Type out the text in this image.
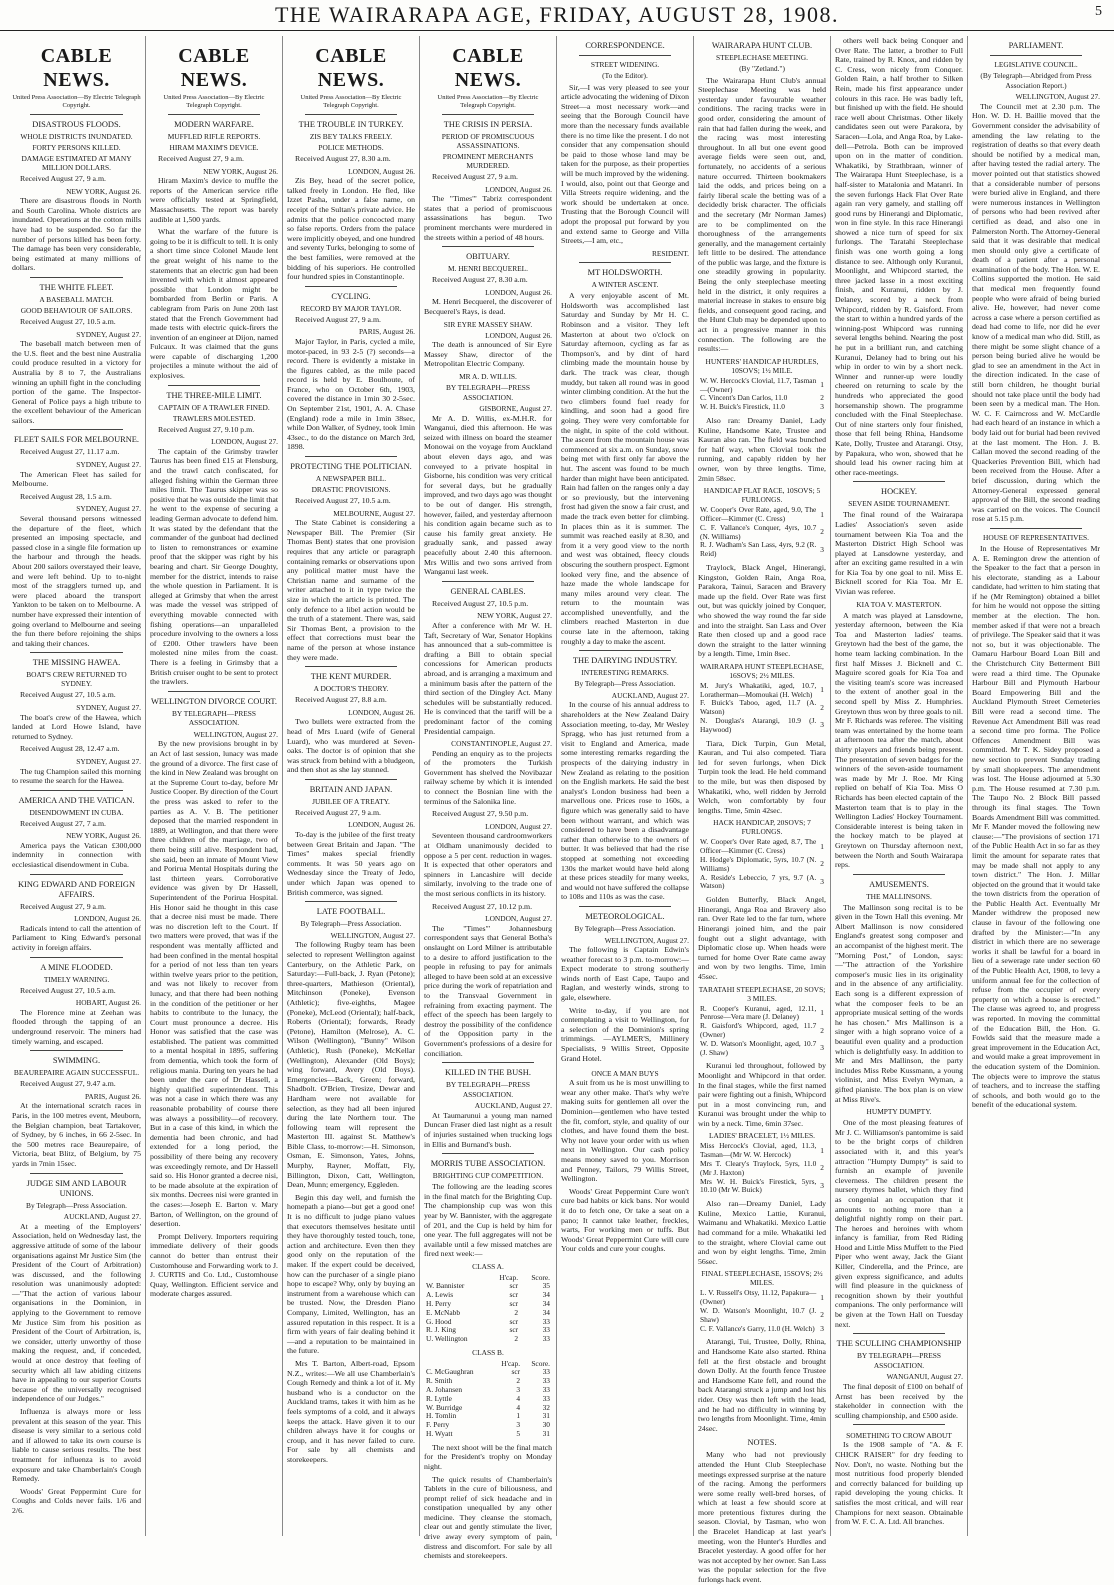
THE WAIRARAPA AGE, FRIDAY, AUGUST 28, 1908.	5
CABLE NEWS.
United Press Association—By Electric Telegraph Copyright.
DISASTROUS FLOODS.
WHOLE DISTRICTS INUNDATED.
FORTY PERSONS KILLED.
DAMAGE ESTIMATED AT MANY MILLION DOLLARS.

Received August 27, 9 a.m.

NEW YORK, August 26.

There are disastrous floods in North and South Carolina. Whole districts are inundated. Operations at the cotton mills have had to be suspended. So far the number of persons killed has been forty. The damage has been very considerable, being estimated at many millions of dollars.

THE WHITE FLEET.
A BASEBALL MATCH.
GOOD BEHAVIOUR OF SAILORS.

Received August 27, 10.5 a.m.

SYDNEY, August 27.

The baseball match between men of the U.S. fleet and the best nine Australia could produce resulted in a victory for Australia by 8 to 7, the Australians winning an uphill fight in the concluding portion of the game. The Inspector-General of Police pays a high tribute to the excellent behaviour of the American sailors.

FLEET SAILS FOR MELBOURNE.

Received August 27, 11.17 a.m.

SYDNEY, August 27.

The American Fleet has sailed for Melbourne.

Received August 28, 1.5 a.m.

SYDNEY, August 27.

Several thousand persons witnessed the departure of the fleet, which presented an imposing spectacle, and passed close in a single file formation up the harbour and through the heads. About 200 sailors overstayed their leave, and were left behind. Up to to-night most of the stragglers turned up, and were placed aboard the transport Yankton to be taken on to Melbourne. A number have expressed their intention of going overland to Melbourne and seeing the fun there before rejoining the ships and taking their chances.

THE MISSING HAWEA.
BOAT'S CREW RETURNED TO SYDNEY.

Received August 27, 10.5 a.m.

SYDNEY, August 27.

The boat's crew of the Hawea, which landed at Lord Howe Island, have returned to Sydney.

Received August 28, 12.47 a.m.

SYDNEY, August 27.

The tug Champion sailed this morning to resume the search for the Hawea.

AMERICA AND THE VATICAN.
DISENDOWMENT IN CUBA.

Received August 27, 7 a.m.

NEW YORK, August 26.

America pays the Vatican £300,000 indemnity in connection with ecclesiastical disendowment in Cuba.

KING EDWARD AND FOREIGN AFFAIRS.

Received August 27, 9 a.m.

LONDON, August 26.

Radicals intend to call the attention of Parliament to King Edward's personal activity in foreign affairs.

A MINE FLOODED.
TIMELY WARNING.

Received August 27, 10.5 a.m.

HOBART, August 26.

The Florence mine at Zeehan was flooded through the tapping of an underground reservoir. The miners had timely warning, and escaped.

SWIMMING.
BEAUREPAIRE AGAIN SUCCESSFUL.

Received August 27, 9.47 a.m.

PARIS, August 26.

At the international scratch races in Paris, in the 100 metres event, Meuborn, the Belgian champion, beat Tartakover, of Sydney, by 6 inches, in 66 2-5sec. In the 500 metres race Beaurepaire, of Victoria, beat Blitz, of Belgium, by 75 yards in 7min 15sec.

JUDGE SIM AND LABOUR UNIONS.
By Telegraph—Press Association.
AUCKLAND, August 27.

At a meeting of the Employers' Association, held on Wednesday last, the aggressive attitude of some of the labour organisations against Mr Justice Sim (the President of the Court of Arbitration) was discussed, and the following resolution was unanimously adopted:—"That the action of various labour organisations in the Dominion, in applying to the Government to remove Mr Justice Sim from his position as President of the Court of Arbitration, is, we consider, utterly unworthy of those making the request, and, if conceded, would at once destroy that feeling of security which all law abiding citizens have in appealing to our superior Courts because of the universally recognised independence of our Judges."

Influenza is always more or less prevalent at this season of the year. This disease is very similar to a serious cold and if allowed to take its own course is liable to cause serious results. The best treatment for influenza is to avoid exposure and take Chamberlain's Cough Remedy.

Woods' Great Peppermint Cure for Coughs and Colds never fails. 1/6 and 2/6.

CABLE NEWS.
United Press Association—By Electric Telegraph Copyright.
MODERN WARFARE.
MUFFLED RIFLE REPORTS.
HIRAM MAXIM'S DEVICE.

Received August 27, 9 a.m.

NEW YORK, August 26.

Hiram Maxim's device to muffle the reports of the American service rifle were officially tested at Springfield, Massachusetts. The report was barely audible at 1,500 yards.

What the warfare of the future is going to be it is difficult to tell. It is only a short time since Colonel Maude lent the great weight of his name to the statements that an electric gun had been invented with which it almost appeared possible that London might be bombarded from Berlin or Paris. A cablegram from Paris on June 20th last stated that the French Government had made tests with electric quick-firers the invention of an engineer at Dijon, named Fulcaux. It was claimed that the guns were capable of discharging 1,200 projectiles a minute without the aid of explosives.

THE THREE-MILE LIMIT.
CAPTAIN OF A TRAWLER FINED.
TRAWLERS MOLESTED.

Received August 27, 9.10 p.m.

LONDON, August 27.

The captain of the Grimsby trawler Taurus has been fined £15 at Flensburg, and the trawl catch confiscated, for alleged fishing within the German three miles limit. The Taurus skipper was so positive that he was outside the limit that he went to the expense of securing a leading German advocate to defend him. It was stated by the defendant that the commander of the gunboat had declined to listen to remonstrances or examine proof that the skipper was right by his bearing and chart. Sir George Doughty, member for the district, intends to raise the whole question in Parliament. It is alleged at Grimsby that when the arrest was made the vessel was stripped of everything movable connected with fishing operations—an unparalleled procedure involving to the owners a loss of £200. Other trawlers have been molested nine miles from the coast. There is a feeling in Grimsby that a British cruiser ought to be sent to protect the trawlers.

WELLINGTON DIVORCE COURT.
BY TELEGRAPH—PRESS ASSOCIATION.
WELLINGTON, August 27.

By the new provisions brought in by an Act of last session, lunacy was made the ground of a divorce. The first case of the kind in New Zealand was brought on at the Supreme Court to-day, before Mr Justice Cooper. By direction of the Court the press was asked to refer to the parties as A. V. B. The petitioner deposed that the married respondent in 1889, at Wellington, and that there were three children of the marriage, two of them being still alive. Respondent had, she said, been an inmate of Mount View and Porirua Mental Hospitals during the last thirteen years. Corroborative evidence was given by Dr Hassell, Superintendent of the Porirua Hospital. His Honor said he thought in this case that a decree nisi must be made. There was no discretion left to the Court. If two matters were proved, that was if the respondent was mentally afflicted and had been confined in the mental hospital for a period of not less than ten years within twelve years prior to the petition, and was not likely to recover from lunacy, and that there had been nothing in the condition of the petitioner or her habits to contribute to the lunacy, the Court must pronounce a decree. His Honor was satisfied that the case was established. The patient was committed to a mental hospital in 1895, suffering from dementia, which took the form of religious mania. During ten years he had been under the care of Dr Hassell, a highly qualified superintendent. This was not a case in which there was any reasonable probability of course there was always a possibility—of recovery. But in a case of this kind, in which the dementia had been chronic, and had extended for a long period, the possibility of there being any recovery was exceedingly remote, and Dr Hassell said so. His Honor granted a decree nisi, to be made absolute at the expiration of six months. Decrees nisi were granted in the cases:—Joseph E. Barton v. Mary Barton, of Wellington, on the ground of desertion.

Prompt Delivery. Importers requiring immediate delivery of their goods cannot do better than entrust their Customhouse and Forwarding work to J. J. CURTIS and Co. Ltd., Customhouse Quay, Wellington. Efficient service and moderate charges assured.

CABLE NEWS.
United Press Association—By Electric Telegraph Copyright.
THE TROUBLE IN TURKEY.
ZIS BEY TALKS FREELY.
POLICE METHODS.

Received August 27, 8.30 a.m.

LONDON, August 26.

Zis Bey, head of the secret police, talked freely in London. He fled, like Izzet Pasha, under a false name, on receipt of the Sultan's private advice. He admits that the police concocted many so false reports. Orders from the palace were implicitly obeyed, and one hundred and seventy Turks, belonging to some of the best families, were removed at the bidding of his superiors. He controlled four hundred spies in Constantinople.

CYCLING.
RECORD BY MAJOR TAYLOR.

Received August 27, 9 a.m.

PARIS, August 26.

Major Taylor, in Paris, cycled a mile, motor-paced, in 93 2-5 (?) seconds—a record. There is evidently a mistake in the figures cabled, as the mile paced record is held by E. Boulhoute, of France, who on October 6th, 1903, covered the distance in 1min 30 2-5sec. On September 21st, 1901, A. A. Chase (England) rode a mile in 1min 38sec, while Don Walker, of Sydney, took 1min 43sec., to do the distance on March 3rd, 1898.

PROTECTING THE POLITICIAN.
A NEWSPAPER BILL.
DRASTIC PROVISIONS.

Received August 27, 10.5 a.m.

MELBOURNE, August 27.

The State Cabinet is considering a Newspaper Bill. The Premier (Sir Thomas Bent) states that one provision requires that any article or paragraph containing remarks or observations upon any political matter must have the Christian name and surname of the writer attached to it in type twice the size in which the article is printed. The only defence to a libel action would be the truth of a statement. There was, said Sir Thomas Bent, a provision to the effect that corrections must bear the name of the person at whose instance they were made.

THE KENT MURDER.
A DOCTOR'S THEORY.

Received August 27, 8.8 a.m.

LONDON, August 26.

Two bullets were extracted from the head of Mrs Luard (wife of General Luard), who was murdered at Seven-oaks. The doctor is of opinion that she was struck from behind with a bludgeon, and then shot as she lay stunned.

BRITAIN AND JAPAN.
JUBILEE OF A TREATY.

Received August 27, 9 a.m.

LONDON, August 26.

To-day is the jubilee of the first treaty between Great Britain and Japan. "The Times" makes special friendly comments. It was 50 years ago on Wednesday since the Treaty of Jedo, under which Japan was opened to British commerce, was signed.

LATE FOOTBALL.
By Telegraph—Press Association.
WELLINGTON, August 27.

The following Rugby team has been selected to represent Wellington against Canterbury, on the Athletic Park, on Saturday:—Full-back, J. Ryan (Petone); three-quarters, Mathieson (Oriental), Mitchinson (Poneke), Evenson (Athletic); five-eighths, Magee (Poneke), McLeod (Oriental); half-back, Roberts (Oriental); forwards, Ready (Petone), Hamilton (Melrose), A. C. Wilson (Wellington), "Bunny" Wilson (Athletic), Rush (Poneke), McKellar (Wellington), Alexander (Old Boys); wing forward, Avery (Old Boys). Emergencies—Back, Green; forward, Shadbolt. O'Brien, Tresize, Dewar and Hardham were not available for selection, as they had all been injured during the late Northern tour. The following team will represent the Masterton III. against St. Matthew's Bible Class, to-morrow:—H. Simonson, Osman, E. Simonson, Yates, Johns, Murphy, Rayner, Moffatt, Fly, Billington, Dixon, Catt, Wellington, Dean, Munn; emergency, Eggleden.

Begin this day well, and furnish the homepath a piano—but get a good one! It is no difficult to judge piano values that executors themselves hesitate until they have thoroughly tested touch, tone, action and architecture. Even then they good only on the reputation of the maker. If the expert could be deceived, how can the purchaser of a single piano hope to escape? Why, only by buying an instrument from a warehouse which can be trusted. Now, the Dresden Piano Company, Limited, Wellington, has an assured reputation in this respect. It is a firm with years of fair dealing behind it—and a reputation to be maintained in the future.

Mrs T. Barton, Albert-road, Epsom N.Z., writes:—We all use Chamberlain's Cough Remedy and think a lot of it. My husband who is a conductor on the Auckland trams, takes it with him as he feels symptoms of a cold, and it always keeps the attack. Have given it to our children always have it for coughs or croup, and it has never failed to cure. For sale by all chemists and storekeepers.

CABLE NEWS.
United Press Association—By Electric Telegraph Copyright.
THE CRISIS IN PERSIA.
PERIOD OF PROMISCUOUS ASSASSINATIONS.
PROMINENT MERCHANTS MURDERED.

Received August 27, 9 a.m.

LONDON, August 26.

The "Times'" Tabriz correspondent states that a period of promiscuous assassinations has begun. Two prominent merchants were murdered in the streets within a period of 48 hours.

OBITUARY.
M. HENRI BECQUEREL.

Received August 27, 8.30 a.m.

LONDON, August 26.

M. Henri Becquerel, the discoverer of Becquerel's Rays, is dead.

SIR EYRE MASSEY SHAW.
LONDON, August 26.

The death is announced of Sir Eyre Massey Shaw, director of the Metropolitan Electric Company.

MR A. D. WILLIS.
BY TELEGRAPH—PRESS ASSOCIATION.
GISBORNE, August 27.

Mr A. D. Willis, ex-M.H.R. for Wanganui, died this afternoon. He was seized with illness on board the steamer Monowai on the voyage from Auckland about eleven days ago, and was conveyed to a private hospital in Gisborne, his condition was very critical for several days, but he gradually improved, and two days ago was thought to be out of danger. His strength, however, failed, and yesterday afternoon his condition again became such as to cause his family great anxiety. He gradually sank, and passed away peacefully about 2.40 this afternoon. Mrs Willis and two sons arrived from Wanganui last week.

GENERAL CABLES.

Received August 27, 10.5 p.m.

NEW YORK, August 27.

After a conference with Mr W. H. Taft, Secretary of War, Senator Hopkins has announced that a sub-committee is drafting a Bill to obtain special concessions for American products abroad, and is arranging a maximum and a minimum basis after the pattern of the third section of the Dingley Act. Many schedules will be substantially reduced. He is convinced that the tariff will be a predominant factor of the coming Presidential campaign.

CONSTANTINOPLE, August 27.

Pending an enquiry as to the projects of the promoters the Turkish Government has shelved the Novibazar railway scheme by which it is intended to connect the Bosnian line with the terminus of the Salonika line.

Received August 27, 9.50 p.m.

LONDON, August 27.

Seventeen thousand cardroomworkers at Oldham unanimously decided to oppose a 5 per cent. reduction in wages. It is expected that other operators and spinners in Lancashire will decide similarly, involving to the trade one of the most serious conflicts in its history.

Received August 27, 10.12 p.m.

LONDON, August 27.

The "Times'" Johannesburg correspondent says that General Botha's onslaught on Lord Milner is attributable to a desire to afford justification to the people in refusing to pay for animals alleged to have been sold at an excessive price during the work of repatriation and to the Transvaal Government in refraining from exacting payment. The effect of the speech has been largely to destroy the possibility of the confidence of the Opposition party in the Government's professions of a desire for conciliation.

KILLED IN THE BUSH.
BY TELEGRAPH—PRESS ASSOCIATION.
AUCKLAND, August 27.

At Taumarunui a young man named Duncan Fraser died last night as a result of injuries sustained when trucking logs in Ellis and Burnand's bush.

MORRIS TUBE ASSOCIATION.
BRIGHTING CUP COMPETITION.

The following are the leading scores in the final match for the Brighting Cup. The championship cup was won this year by W. Bannister, with the aggregate of 201, and the Cup is held by him for one year. The full aggregates will not be available until a few missed matches are fired next week:—

CLASS A.
	H'cap.	Score.
W. Bannister	scr	35
A. Lewis	scr	34
H. Perry	scr	34
E. McNabb	2	34
G. Hood	scr	33
R. J. King	scr	33
U. Wellington	2	33
CLASS B.
	H'cap.	Score.
C. McGaughran	scr	33
R. Smith	2	33
A. Johansen	3	33
R. Lyttle	4	33
W. Burridge	4	32
H. Tomlin	1	31
F. Perry	3	30
H. Wyatt	5	31

The next shoot will be the final match for the President's trophy on Monday night.

The quick results of Chamberlain's Tablets in the cure of biliousness, and prompt relief of sick headache and in constipation unequalled by any other medicine. They cleanse the stomach, clear out and gently stimulate the liver, drive away every symptom of pain, distress and discomfort. For sale by all chemists and storekeepers.

CORRESPONDENCE.
STREET WIDENING.
(To the Editor).

Sir,—I was very pleased to see your article advocating the widening of Dixon Street—a most necessary work—and seeing that the Borough Council have more than the necessary funds available there is no time like the present. I do not consider that any compensation should be paid to those whose land may be taken for the purpose, as their properties will be much improved by the widening. I would, also, point out that George and Villa Streets require widening, and the work should be undertaken at once. Trusting that the Borough Council will adopt the proposal put forward by you and extend same to George and Villa Streets,—I am, etc.,

RESIDENT.
MT HOLDSWORTH.
A WINTER ASCENT.

A very enjoyable ascent of Mt. Holdsworth was accomplished last Saturday and Sunday by Mr H. C. Robinson and a visitor. They left Masterton at about two o'clock on Saturday afternoon, cycling as far as Thompson's, and by dint of hard climbing made the mountain house by dark. The track was clear, though muddy, but taken all round was in good winter climbing condition. At the hut the two climbers found fuel ready for kindling, and soon had a good fire going. They were very comfortable for the night, in spite of the cold without. The ascent from the mountain house was commenced at six a.m. on Sunday, snow being met with first only far above the hut. The ascent was found to be much harder than might have been anticipated. Rain had fallen on the ranges only a day or so previously, but the intervening frost had given the snow a fair crust, and made the track even better for climbing. In places thin as it is summer. The summit was reached easily at 8.30, and from it a very good view to the north and west was obtained, fleecy clouds obscuring the southern prospect. Egmont looked very fine, and the absence of haze made the whole landscape for many miles around very clear. The return to the mountain was accomplished uneventfully, and the climbers reached Masterton in due course late in the afternoon, taking roughly a day to make the ascent.

THE DAIRYING INDUSTRY.
INTERESTING REMARKS.
By Telegraph—Press Association.
AUCKLAND, August 27.

In the course of his annual address to shareholders at the New Zealand Dairy Association meeting, to-day, Mr Wesley Spragg, who has just returned from a visit to England and America, made some interesting remarks regarding the prospects of the dairying industry in New Zealand as relating to the position on the English markets. He said the best analyst's London business had been a marvellous one. Prices rose to 160s, a figure which was generally said to have been without warrant, and which was considered to have been a disadvantage rather than otherwise to the owners of butter. It was believed that had the rise stopped at something not exceeding 130s the market would have held along at these prices steadily for many weeks, and would not have suffered the collapse to 108s and 110s as was the case.

METEOROLOGICAL.
By Telegraph—Press Association.
WELLINGTON, August 27.

The following is Captain Edwin's weather forecast to 3 p.m. to-morrow:—Expect moderate to strong southerly winds north of East Cape, Taupo and Raglan, and westerly winds, strong to gale, elsewhere.

Write to-day, if you are not contemplating a visit to Wellington, for a selection of the Dominion's spring trimmings. —AYLMER'S, Millinery Specialists, 9 Willis Street, Opposite Grand Hotel.

ONCE A MAN BUYS

A suit from us he is most unwilling to wear any other make. That's why we're making suits for gentlemen all over the Dominion—gentlemen who have tested the fit, comfort, style, and quality of our clothes, and have found them the best. Why not leave your order with us when next in Wellington. Our cash policy means money saved to you. Morrison and Penney, Tailors, 79 Willis Street, Wellington.

Woods' Great Peppermint Cure won't cure bad habits or kick bans. Nor would it do to fetch one, Or take a seat on a pano; It cannot take leather, freckles, warts, For working men or tuffs. But Woods' Great Peppermint Cure will cure Your colds and cure your coughs.

WAIRARAPA HUNT CLUB.
STEEPLECHASE MEETING.
(By "Zetland.")

The Wairarapa Hunt Club's annual Steeplechase Meeting was held yesterday under favourable weather conditions. The racing tracks were in good order, considering the amount of rain that had fallen during the week, and the racing was most interesting throughout. In all but one event good average fields were seen out, and, fortunately, no accidents of a serious nature occurred. Thirteen bookmakers laid the odds, and prices being on a fairly liberal scale the betting was of a decidedly brisk character. The officials and the secretary (Mr Norman James) are to be complimented on the thoroughness of the arrangements generally, and the management certainly left little to be desired. The attendance of the public was large, and the fixture is one steadily growing in popularity. Being the only steeplechase meeting held in the district, it only requires a material increase in stakes to ensure big fields, and consequent good racing, and the Hunt Club may be depended upon to act in a progressive manner in this connection. The following are the results:—

HUNTERS' HANDICAP HURDLES, 10SOVS; 1½ MILE.
W. W. Hercock's Clovial, 11.7, Tasman—(Owner)	1
C. Vincent's Dan Carlos, 11.0	2
W. H. Buick's Firestick, 11.0	3

Also ran: Dreamy Daniel, Lady Kuline, Handsome Kate, Trustee and Kauran also ran. The field was bunched for half way, when Clovial took the running, and capably ridden by her owner, won by three lengths. Time, 2min 58sec.

HANDICAP FLAT RACE, 10SOVS; 5 FURLONGS.
W. Cooper's Over Rate, aged, 9.0, The Officer—Kimmer (C. Cress)	1
C. F. Vallance's Conquer, 4yrs, 10.7 (N. Williams)	2
R. J. Wadham's San Lass, 4yrs, 9.2 (R. Reid)	3

Traylock, Black Angel, Hinerangi, Kingston, Golden Rain, Anga Roa, Parakora, Tainui, Saracen and Bravery made up the field. Over Rate was first out, but was quickly joined by Conquer, who showed the way round the far side and into the straight. San Lass and Over Rate then closed up and a good race down the straight to the latter winning by a length. Time, 1min 8sec.

WAIRARAPA HUNT STEEPLECHASE, 16SOVS; 2½ MILES.
M. Jury's Whakatiki, aged, 10.7, Loratherman—Momoukai (H. Welch)	1
F. Buick's Taboo, aged, 11.7 (A. Watson)	2
N. Douglas's Atarangi, 10.9 (J. Haywood)	3

Tiara, Dick Turpin, Gun Metal, Kauran, and Tui also competed. Tiara led for seven furlongs, when Dick Turpin took the lead. He held command to the mile, but was then disposed by Whakatiki, who, well ridden by Jerrold Welch, won comfortably by four lengths. Time, 5min 42sec.

HACK HANDICAP, 20SOVS; 7 FURLONGS.
W. Cooper's Over Rate aged, 8.7, The Officer—Kimmer (C. Cress)	1
H. Hodge's Diplomatic, 5yrs, 10.7 (N. Williams)	2
A. Reside's Lebeccio, 7 yrs, 9.7 (A. Watson)	3

Golden Butterfly, Black Angel, Hinerangi, Anga Roa and Bravery also ran. Over Rate led to the far turn, where Hinerangi joined him, and the pair fought out a slight advantage, with Diplomatic close up. When heads were turned for home Over Rate came away and won by two lengths. Time, 1min 45sec.

TARATAHI STEEPLECHASE, 20 SOVS; 3 MILES.
R. Cooper's Kuranui, aged, 12.11, Penrose—Vera mare (J. Delaney)	1
R. Gaisford's Whipcord, aged, 11.7 (Owner)	2
W. D. Watson's Moonlight, aged, 10.7 (J. Shaw)	3

Kuranui led throughout, followed by Moonlight and Whipcord in that order. In the final stages, while the first named pair were fighting out a finish, Whipcord put in a most convincing run, and Kuranui was brought under the whip to win by a neck. Time, 6min 37sec.

LADIES' BRACELET, 1½ MILES.
Miss Hercock's Clovial, aged, 11.3, Tasman—(Mr W. W. Hercock)	1
Mrs T. Cleary's Traylock, 5yrs, 11.0 (Mr J. Haxton)	2
Mrs W. H. Buick's Firestick, 5yrs, 10.10 (Mr W. Buick)	3

Also ran—Dreamy Daniel, Lady Kuline, Mexico Lattie, Kuranui, Waimanu and Whakatiki. Mexico Lattie had command for a mile. Whakatiki led to the straight, where Clovial came out and won by eight lengths. Time, 2min 56sec.

FINAL STEEPLECHASE, 15SOVS; 2½ MILES.
L. V. Russell's Otsy, 11.12, Papakura—(Owner)	1
W. D. Watson's Moonlight, 10.7 (J. Shaw)	2
C. F. Vallance's Garry, 11.0 (H. Welch)	3

Atarangi, Tui, Trustee, Dolly, Rhina, and Handsome Kate also started. Rhina fell at the first obstacle and brought down Dolly. At the fourth fence Trustee and Handsome Kate fell, and round the back Atarangi struck a jump and lost his rider. Otsy was then left with the lead, and he had no difficulty in winning by two lengths from Moonlight. Time, 4min 24sec.

NOTES.

Many who had not previously attended the Hunt Club Steeplechase meetings expressed surprise at the nature of the racing. Among the performers were some really well-bred horses, of which at least a few should score at more pretentious fixtures during the season. Clovial, by Tasman, who won the Bracelet Handicap at last year's meeting, won the Hunter's Hurdles and Bracelet yesterday. A good offer for her was not accepted by her owner. San Lass was the popular selection for the five furlongs hack event.

others well back being Conquer and Over Rate. The latter, a brother to Full Rate, trained by R. Knox, and ridden by C. Cress, won nicely from Conquer. Golden Rain, a half brother to Silken Rein, made his first appearance under colours in this race. He was badly left, but finished up with the field. He should race well about Christmas. Other likely candidates seen out were Parakora, by Saracen—Lola, and Anga Roa, by Lake-dell—Petrola. Both can be improved upon on in the matter of condition. Whakatiki, by Strathbraan, winner of The Wairarapa Hunt Steeplechase, is a half-sister to Matalonia and Matanri. In the seven furlongs Hack Flat Over Rate again ran very gamely, and stalling off good runs by Hinerangi and Diplomatic, won in fine style. In this race Hinerangi showed a nice turn of speed for six furlongs. The Taratahi Steeplechase finish was one worth going a long distance to see. Although only Kuranui, Moonlight, and Whipcord started, the three jacked lasse in a most exciting finish, and Kuranui, ridden by J. Delaney, scored by a neck from Whipcord, ridden by R. Gaisford. From the start to within a hundred yards of the winning-post Whipcord was running several lengths behind. Nearing the post he put in a brilliant run, and catching Kuranui, Delaney had to bring out his whip in order to win by a short neck. Winner and runner-up were loudly cheered on returning to scale by the hundreds who appreciated the good horsemanship shown. The programme concluded with the Final Steeplechase. Out of nine starters only four finished, those that fell being Rhina, Handsome Kate, Dolly, Trustee and Atarangi. Otsy, by Papakura, who won, showed that he should lead his owner racing him at other race-meetings.

HOCKEY.
SEVEN ASIDE TOURNAMENT.

The final round of the Wairarapa Ladies' Association's seven aside tournament between Kia Toa and the Masterton District High School was played at Lansdowne yesterday, and after an exciting game resulted in a win for Kia Toa by one goal to nil. Miss E. Bicknell scored for Kia Toa. Mr E. Vivian was referee.

KIA TOA V. MASTERTON.

A match was played at Lansdowne, yesterday afternoon, between the Kia Toa and Masterton ladies' teams. Greytown had the best of the game, the home team lacking combination. In the first half Misses J. Bicknell and C. Maguire scored goals for Kia Toa and the visiting team's score was increased to the extent of another goal in the second spell by Miss Z. Humphries. Greytown thus won by three goals to nil. Mr F. Richards was referee. The visiting team was entertained by the home team at afternoon tea after the match, about thirty players and friends being present. The presentation of seven badges for the winners of the seven-aside tournament was made by Mr J. Roe. Mr King replied on behalf of Kia Toa. Miss O Richards has been elected captain of the Masterton team that is to play in the Wellington Ladies' Hockey Tournament. Considerable interest is being taken in the hockey match to be played at Greytown on Thursday afternoon next, between the North and South Wairarapa reps.

AMUSEMENTS.
THE MALLINSONS.

The Mallinson song recital is to be given in the Town Hall this evening. Mr Albert Mallinson is now considered England's greatest song composer and an accompanist of the highest merit. The "Morning Post," of London, says:—"The attraction of the Yorkshire composer's music lies in its originality and in the absence of any artificiality. Each song is a different expression of what the composer feels to be an appropriate musical setting of the words he has chosen." Mrs Mallinson is a singer with a high soprano voice of a beautiful even quality and a production which is delightfully easy. In addition to Mr and Mrs Mallinson, the party includes Miss Rebe Kussmann, a young violinist, and Miss Evelyn Wyman, a gifted pianiste. The box plan is on view at Miss Rive's.

HUMPTY DUMPTY.

One of the most pleasing features of Mr J. C. Williamson's pantomime is said to be the bright corps of children associated with it, and this year's attraction "Humpty Dumpty" is said to furnish an example of juvenile cleverness. The children present the nursery rhymes ballet, which they find as congenial an occupation that it amounts to nothing more than a delightful nightly romp on their part. The heroes and heroines with whom infancy is familiar, from Red Riding Hood and Little Miss Muffett to the Pied Piper who went away, Jack the Giant Killer, Cinderella, and the Prince, are given express significance, and adults will find pleasure in the quickness of recognition shown by their youthful companions. The only performance will be given at the Town Hall on Tuesday next.

THE SCULLING CHAMPIONSHIP
BY TELEGRAPH—PRESS ASSOCIATION.
WANGANUI, August 27.

The final deposit of £100 on behalf of Arnst has been received by the stakeholder in connection with the sculling championship, and £500 aside.

SOMETHING TO CROW ABOUT

Is the 1908 sample of "A. & F. CHICK RAISER" for dry feeding to Nov. Don't, no waste. Nothing but the most nutritious food properly blended and correctly balanced for building up rapid developing the young chicks. It satisfies the most critical, and will rear Champions for next season. Obtainable from W. F. C. A. Ltd. All branches.

PARLIAMENT.
LEGISLATIVE COUNCIL.
(By Telegraph—Abridged from Press Association Report.)
WELLINGTON, August 27.

The Council met at 2.30 p.m. The Hon. W. D. H. Baillie moved that the Government consider the advisability of amending the law relating to the registration of deaths so that every death should be notified by a medical man, after having tested the radial artery. The mover pointed out that statistics showed that a considerable number of persons were buried alive in England, and there were numerous instances in Wellington of persons who had been revived after certified as dead, and also one in Palmerston North. The Attorney-General said that it was desirable that medical men should only give a certificate of death of a patient after a personal examination of the body. The Hon. W. E. Collins supported the motion. He said that medical men frequently found people who were afraid of being buried alive. He, however, had never come across a case where a person certified as dead had come to life, nor did he ever know of a medical man who did. Still, as there might be some slight chance of a person being buried alive he would be glad to see an amendment in the Act in the direction indicated. In the case of still born children, he thought burial should not take place until the body had been seen by a medical man. The Hon. W. C. F. Cairncross and W. McCardle had each heard of an instance in which a body laid out for burial had been revived at the last moment. The Hon. J. B. Callan moved the second reading of the Quackeries Prevention Bill, which had been received from the House. After a brief discussion, during which the Attorney-General expressed general approval of the Bill, the second reading was carried on the voices. The Council rose at 5.15 p.m.

HOUSE OF REPRESENTATIVES.

In the House of Representatives Mr A. E. Remington drew the attention of the Speaker to the fact that a person in his electorate, standing as a Labour candidate, had written to him stating that if he (Mr Remington) obtained a billet for him he would not oppose the sitting member at the election. The hon. member asked if that were not a breach of privilege. The Speaker said that it was not so, but it was objectionable. The Oamaru Harbour Board Loan Bill and the Christchurch City Betterment Bill were read a third time. The Opunake Harbour Bill and Plymouth Harbour Board Empowering Bill and the Auckland Plymouth Street Cemeteries Bill were read a second time. The Revenue Act Amendment Bill was read a second time pro forma. The Police Offences Amendment Bill was committed. Mr T. K. Sidey proposed a new section to prevent Sunday trading by small shopkeepers. The amendment was lost. The House adjourned at 5.30 p.m. The House resumed at 7.30 p.m. The Taupo No. 2 Block Bill passed through its final stages. The Town Boards Amendment Bill was committed. Mr F. Mander moved the following new clause:—"The provisions of section 171 of the Public Health Act in so far as they limit the amount for separate rates that may be made shall not apply to any town district." The Hon. J. Millar objected on the ground that it would take the town districts from the operation of the Public Health Act. Eventually Mr Mander withdrew the proposed new clause in favour of the following one drafted by the Minister:—"In any district in which there are no sewerage works it shall be lawful for a board in lieu of a sewerage rate under section 60 of the Public Health Act, 1908, to levy a uniform annual fee for the collection of refuse from the occupier of every property on which a house is erected." The clause was agreed to, and progress was reported. In moving the committal of the Education Bill, the Hon. G. Fowlds said that the measure made a great improvement in the Education Act, and would make a great improvement in the education system of the Dominion. The objects were to improve the status of teachers, and to increase the staffing of schools, and both would go to the benefit of the educational system.
